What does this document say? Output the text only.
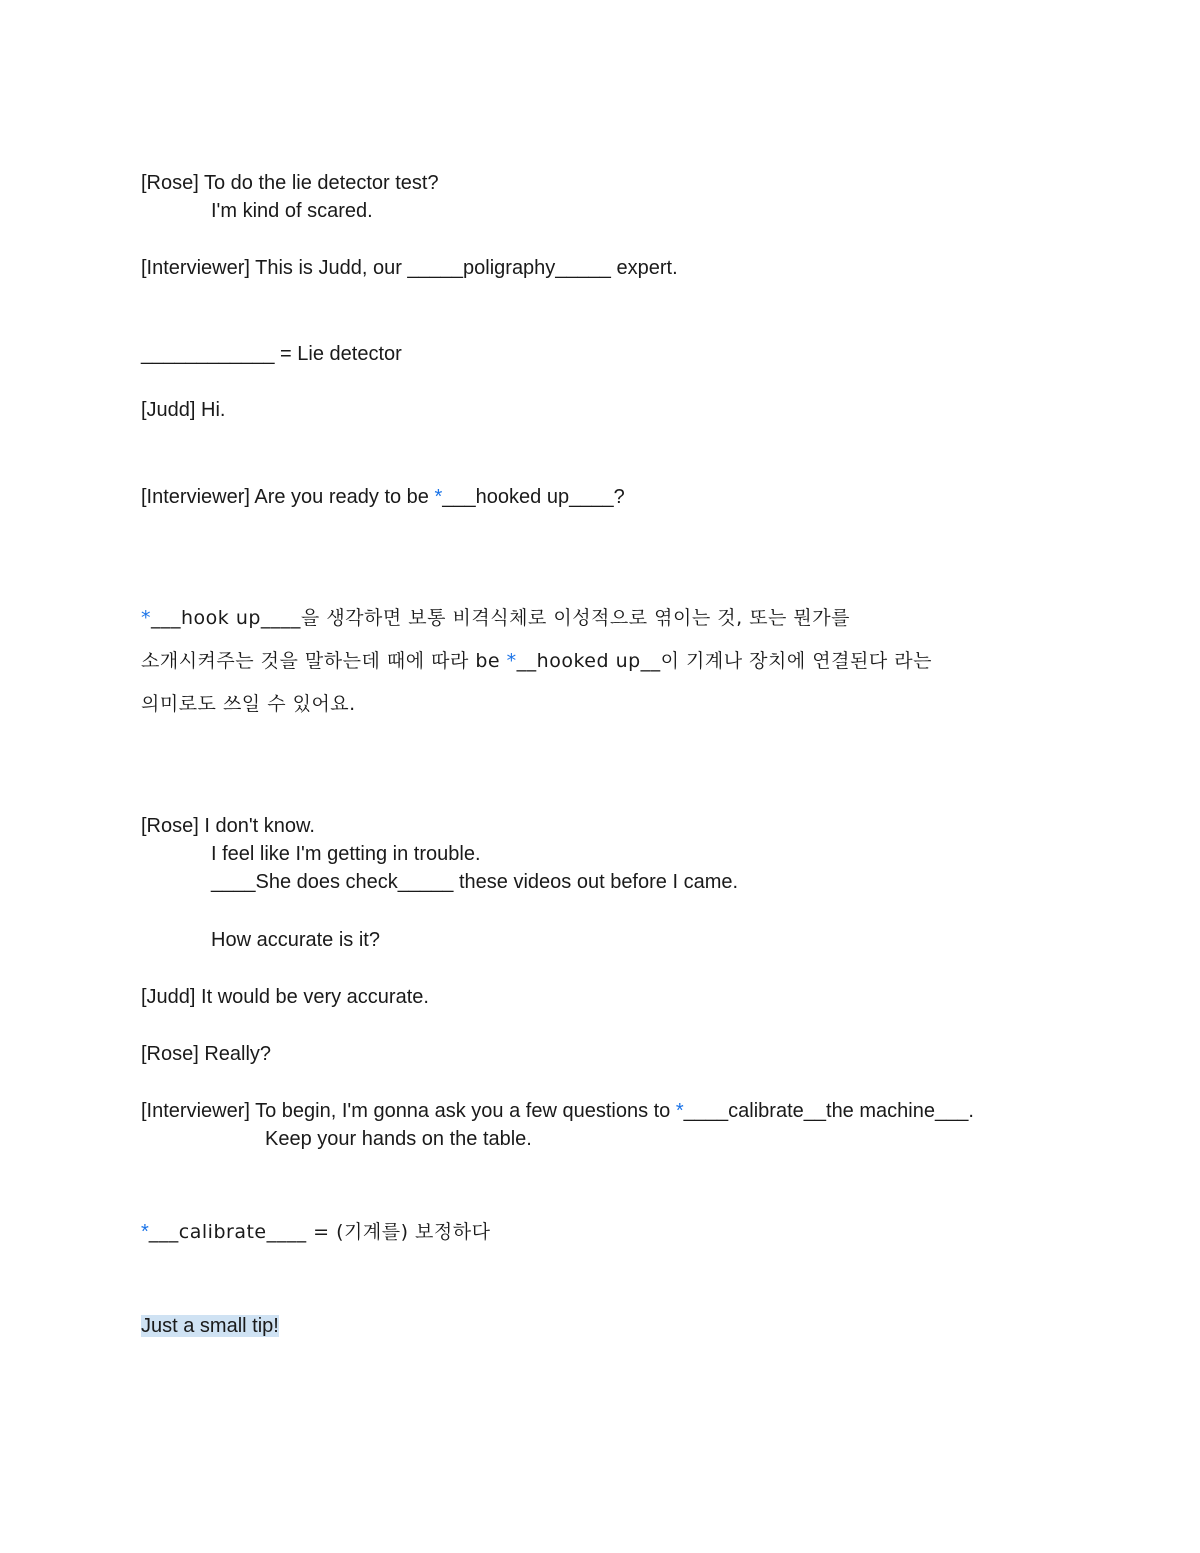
[Rose] To do the lie detector test?
I'm kind of scared.
[Interviewer] This is Judd, our _____poligraphy_____ expert.
____________ = Lie detector
[Judd] Hi.
[Interviewer] Are you ready to be *___hooked up____?
*___hook up____을 생각하면 보통 비격식체로 이성적으로 엮이는 것, 또는 뭔가를
소개시켜주는 것을 말하는데 때에 따라 be *__hooked up__이 기계나 장치에 연결된다 라는
의미로도 쓰일 수 있어요.
[Rose] I don't know.
I feel like I'm getting in trouble.
____She does check_____ these videos out before I came.
How accurate is it?
[Judd] It would be very accurate.
[Rose] Really?
[Interviewer] To begin, I'm gonna ask you a few questions to *____calibrate__the machine___.
Keep your hands on the table.
*___calibrate____ = (기계를) 보정하다
Just a small tip!
